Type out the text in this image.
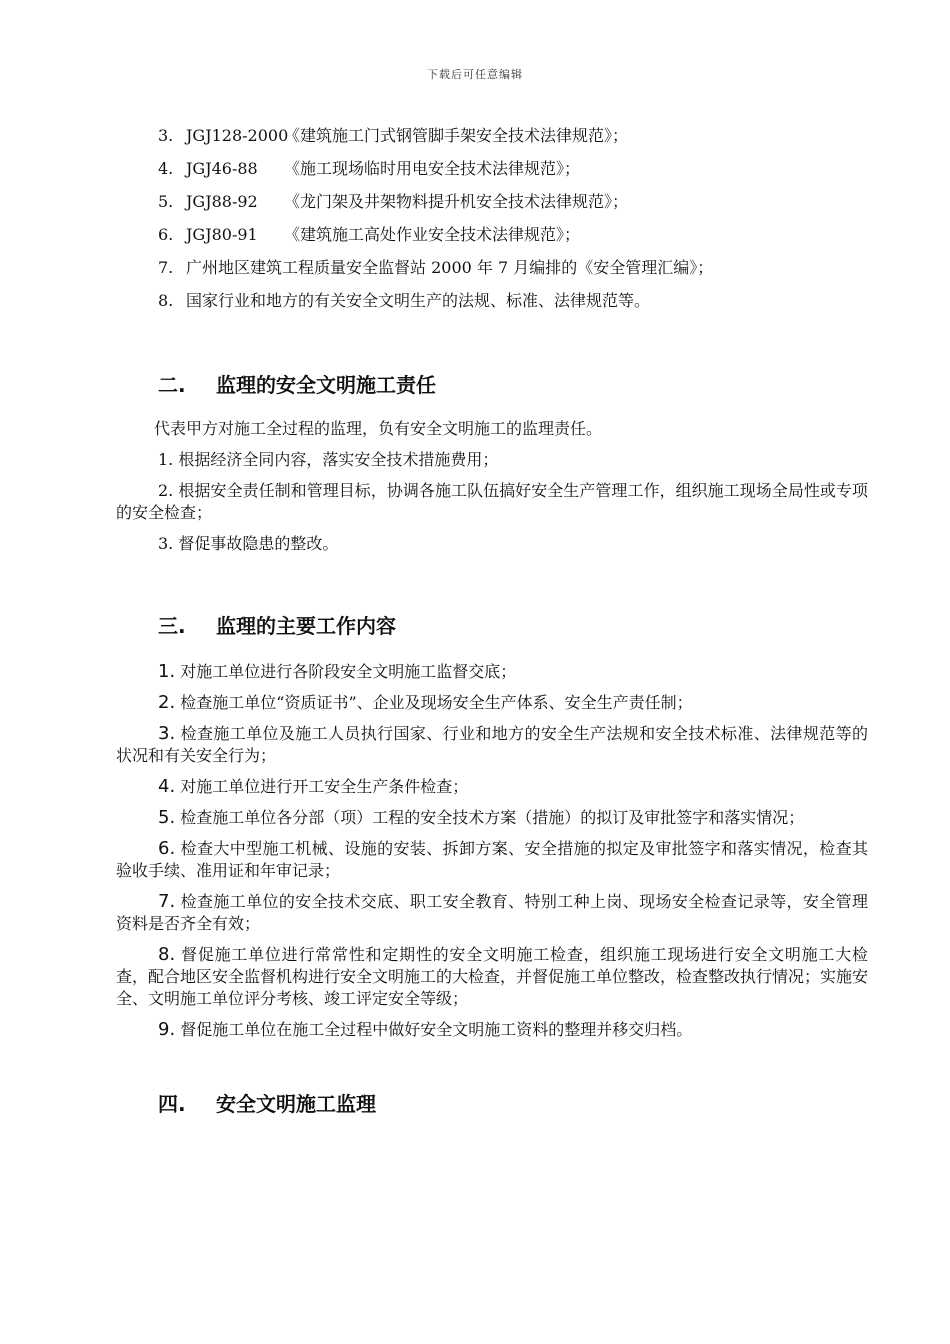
下载后可任意编辑
3. JGJ128-2000《建筑施工门式钢管脚手架安全技术法律规范》；
4. JGJ46-88 《施工现场临时用电安全技术法律规范》；
5. JGJ88-92 《龙门架及井架物料提升机安全技术法律规范》；
6. JGJ80-91 《建筑施工高处作业安全技术法律规范》；
7. 广州地区建筑工程质量安全监督站 2000 年 7 月编排的《安全管理汇编》；
8. 国家行业和地方的有关安全文明生产的法规、标准、法律规范等。
二. 监理的安全文明施工责任

代表甲方对施工全过程的监理，负有安全文明施工的监理责任。

1. 根据经济全同内容，落实安全技术措施费用；
2. 根据安全责任制和管理目标，协调各施工队伍搞好安全生产管理工作，组织施工现场全局性或专项的安全检查；
3. 督促事故隐患的整改。
三. 监理的主要工作内容
1. 对施工单位进行各阶段安全文明施工监督交底；
2. 检查施工单位“资质证书”、企业及现场安全生产体系、安全生产责任制；
3. 检查施工单位及施工人员执行国家、行业和地方的安全生产法规和安全技术标准、法律规范等的状况和有关安全行为；
4. 对施工单位进行开工安全生产条件检查；
5. 检查施工单位各分部（项）工程的安全技术方案（措施）的拟订及审批签字和落实情况；
6. 检查大中型施工机械、设施的安装、拆卸方案、安全措施的拟定及审批签字和落实情况，检查其验收手续、准用证和年审记录；
7. 检查施工单位的安全技术交底、职工安全教育、特别工种上岗、现场安全检查记录等，安全管理资料是否齐全有效；
8. 督促施工单位进行常常性和定期性的安全文明施工检查，组织施工现场进行安全文明施工大检查，配合地区安全监督机构进行安全文明施工的大检查，并督促施工单位整改，检查整改执行情况；实施安全、文明施工单位评分考核、竣工评定安全等级；
9. 督促施工单位在施工全过程中做好安全文明施工资料的整理并移交归档。
四. 安全文明施工监理
